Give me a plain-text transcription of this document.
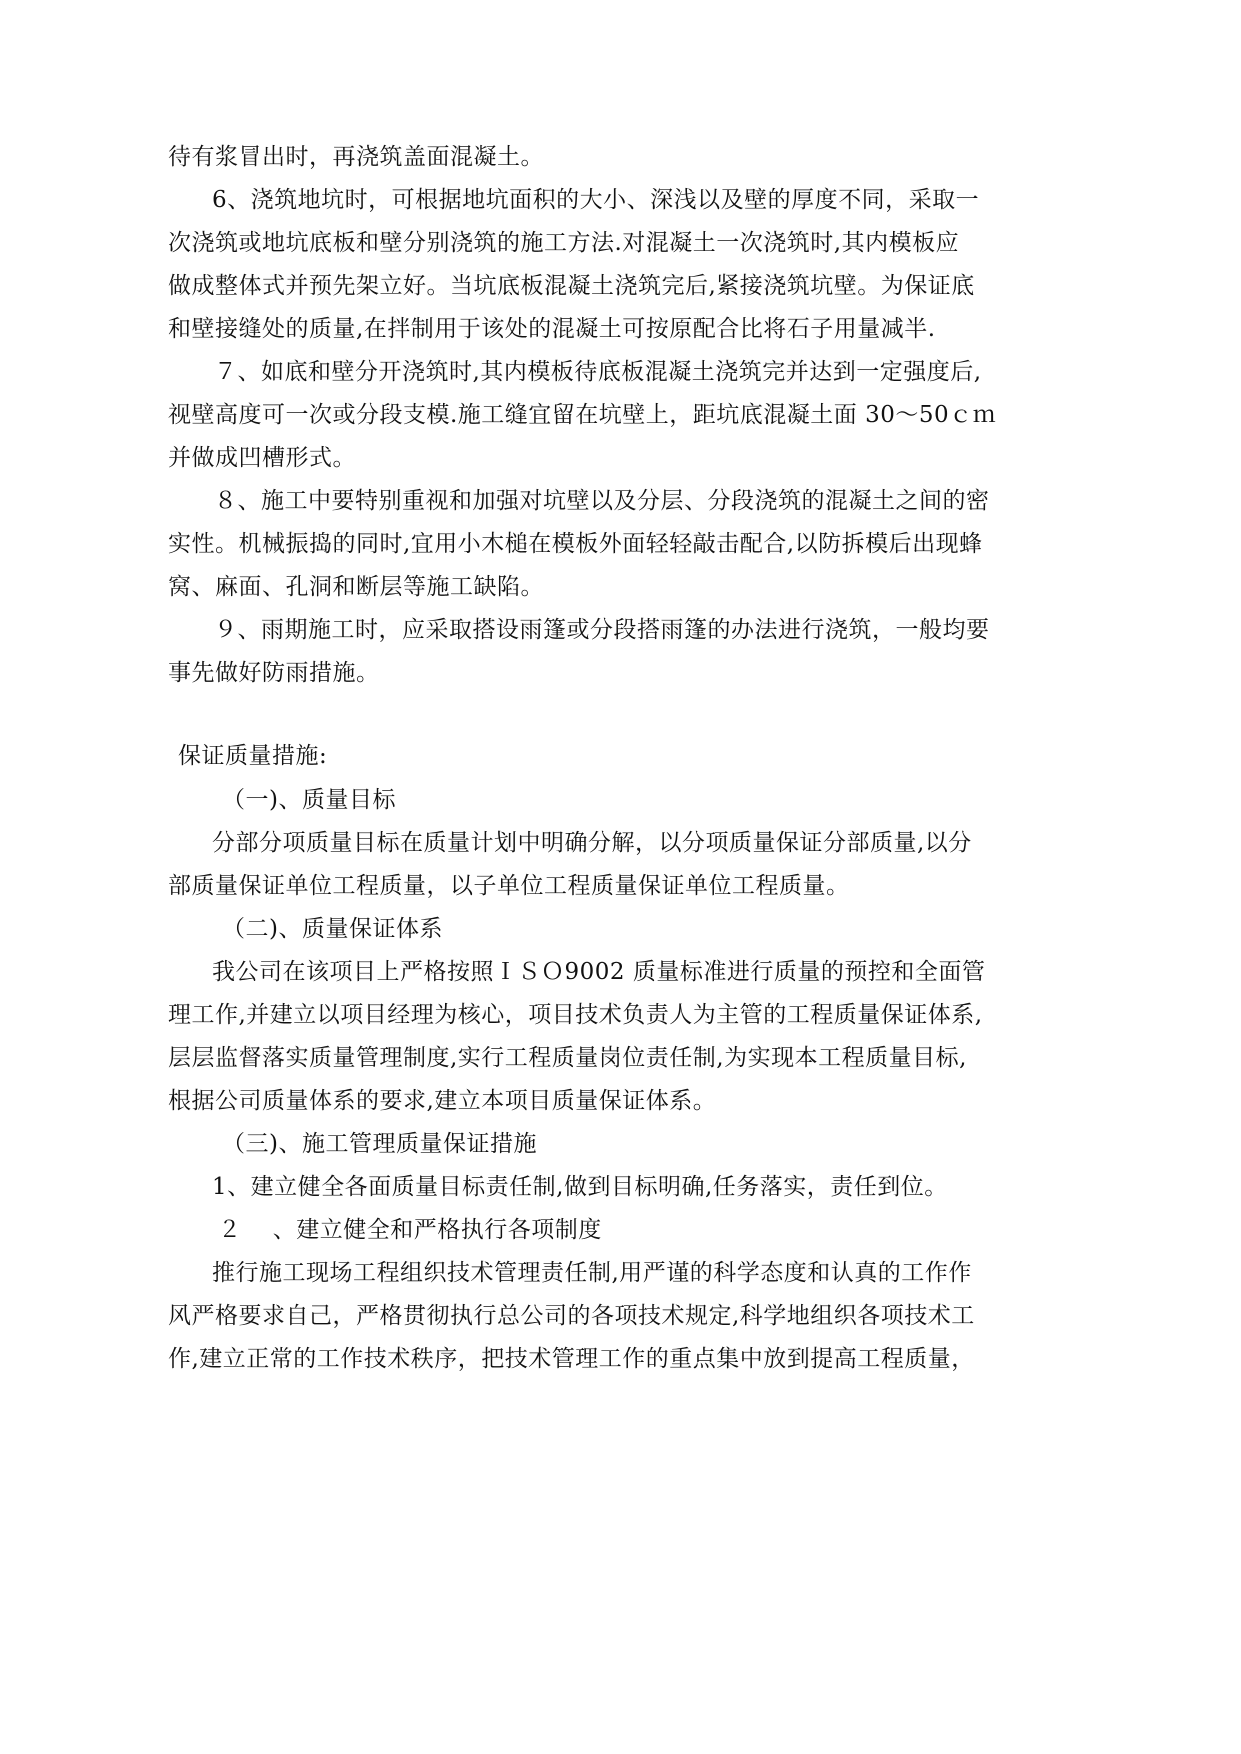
待有浆冒出时，再浇筑盖面混凝土。
6、浇筑地坑时，可根据地坑面积的大小、深浅以及壁的厚度不同，采取一
次浇筑或地坑底板和壁分别浇筑的施工方法.对混凝土一次浇筑时,其内模板应
做成整体式并预先架立好。当坑底板混凝土浇筑完后,紧接浇筑坑壁。为保证底
和壁接缝处的质量,在拌制用于该处的混凝土可按原配合比将石子用量减半.
７、如底和壁分开浇筑时,其内模板待底板混凝土浇筑完并达到一定强度后,
视壁高度可一次或分段支模.施工缝宜留在坑壁上，距坑底混凝土面 30～50ｃｍ
并做成凹槽形式。
８、施工中要特别重视和加强对坑壁以及分层、分段浇筑的混凝土之间的密
实性。机械振捣的同时,宜用小木槌在模板外面轻轻敲击配合,以防拆模后出现蜂
窝、麻面、孔洞和断层等施工缺陷。
９、雨期施工时，应采取搭设雨篷或分段搭雨篷的办法进行浇筑，一般均要
事先做好防雨措施。
保证质量措施:
（一)、质量目标
分部分项质量目标在质量计划中明确分解，以分项质量保证分部质量,以分
部质量保证单位工程质量，以子单位工程质量保证单位工程质量。
（二)、质量保证体系
我公司在该项目上严格按照ＩＳＯ9002 质量标准进行质量的预控和全面管
理工作,并建立以项目经理为核心，项目技术负责人为主管的工程质量保证体系,
层层监督落实质量管理制度,实行工程质量岗位责任制,为实现本工程质量目标,
根据公司质量体系的要求,建立本项目质量保证体系。
（三)、施工管理质量保证措施
1、建立健全各面质量目标责任制,做到目标明确,任务落实，责任到位。
２　 、建立健全和严格执行各项制度
推行施工现场工程组织技术管理责任制,用严谨的科学态度和认真的工作作
风严格要求自己，严格贯彻执行总公司的各项技术规定,科学地组织各项技术工
作,建立正常的工作技术秩序，把技术管理工作的重点集中放到提高工程质量，
